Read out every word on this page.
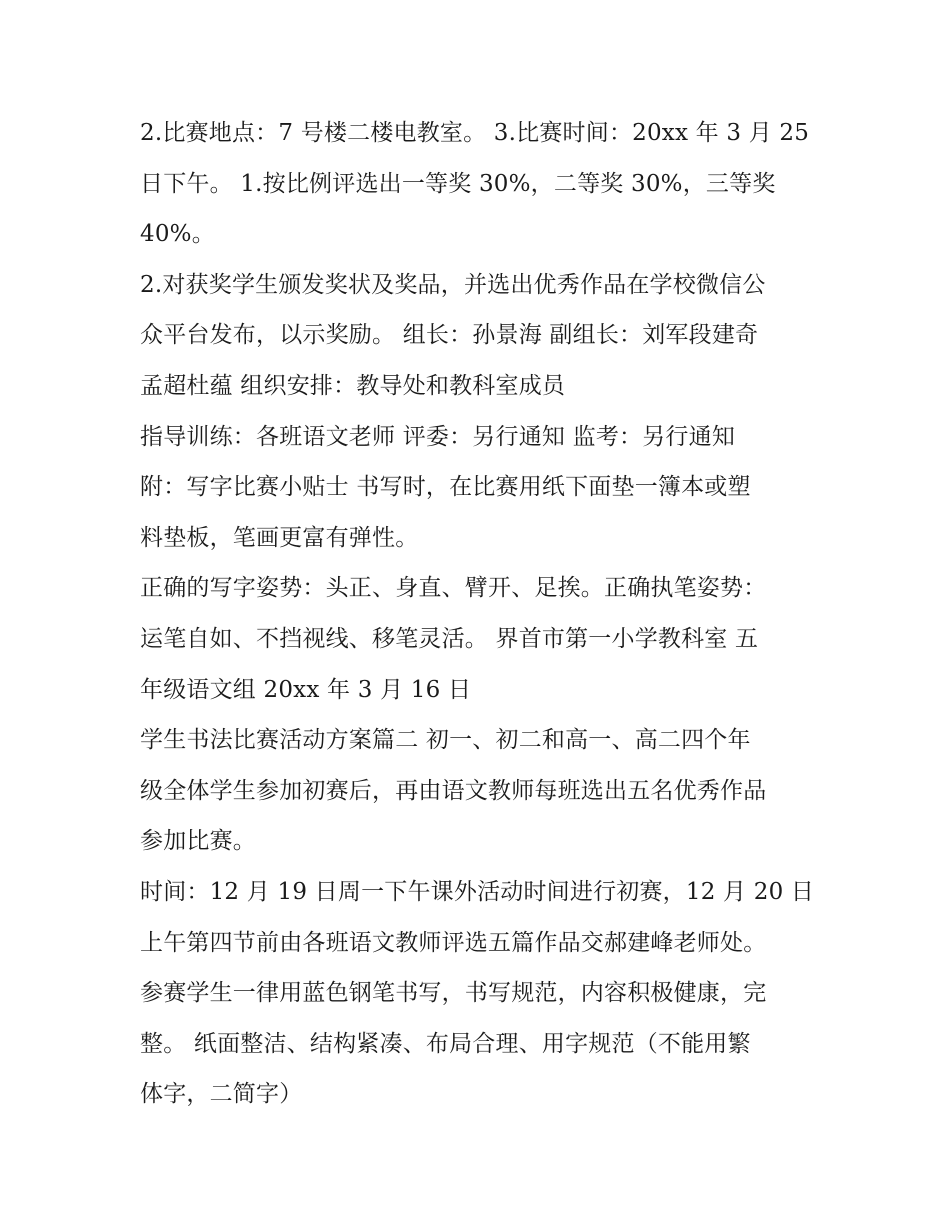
2.比赛地点：7 号楼二楼电教室。 3.比赛时间：20xx 年 3 月 25
日下午。 1.按比例评选出一等奖 30%，二等奖 30%，三等奖
40%。
2.对获奖学生颁发奖状及奖品，并选出优秀作品在学校微信公
众平台发布，以示奖励。 组长：孙景海 副组长：刘军段建奇
孟超杜蕴 组织安排：教导处和教科室成员
指导训练：各班语文老师 评委：另行通知 监考：另行通知
附：写字比赛小贴士 书写时，在比赛用纸下面垫一簿本或塑
料垫板，笔画更富有弹性。
正确的写字姿势：头正、身直、臂开、足挨。正确执笔姿势：
运笔自如、不挡视线、移笔灵活。 界首市第一小学教科室 五
年级语文组 20xx 年 3 月 16 日
学生书法比赛活动方案篇二 初一、初二和高一、高二四个年
级全体学生参加初赛后，再由语文教师每班选出五名优秀作品
参加比赛。
时间：12 月 19 日周一下午课外活动时间进行初赛，12 月 20 日
上午第四节前由各班语文教师评选五篇作品交郝建峰老师处。
参赛学生一律用蓝色钢笔书写，书写规范，内容积极健康，完
整。 纸面整洁、结构紧凑、布局合理、用字规范（不能用繁
体字，二简字）
